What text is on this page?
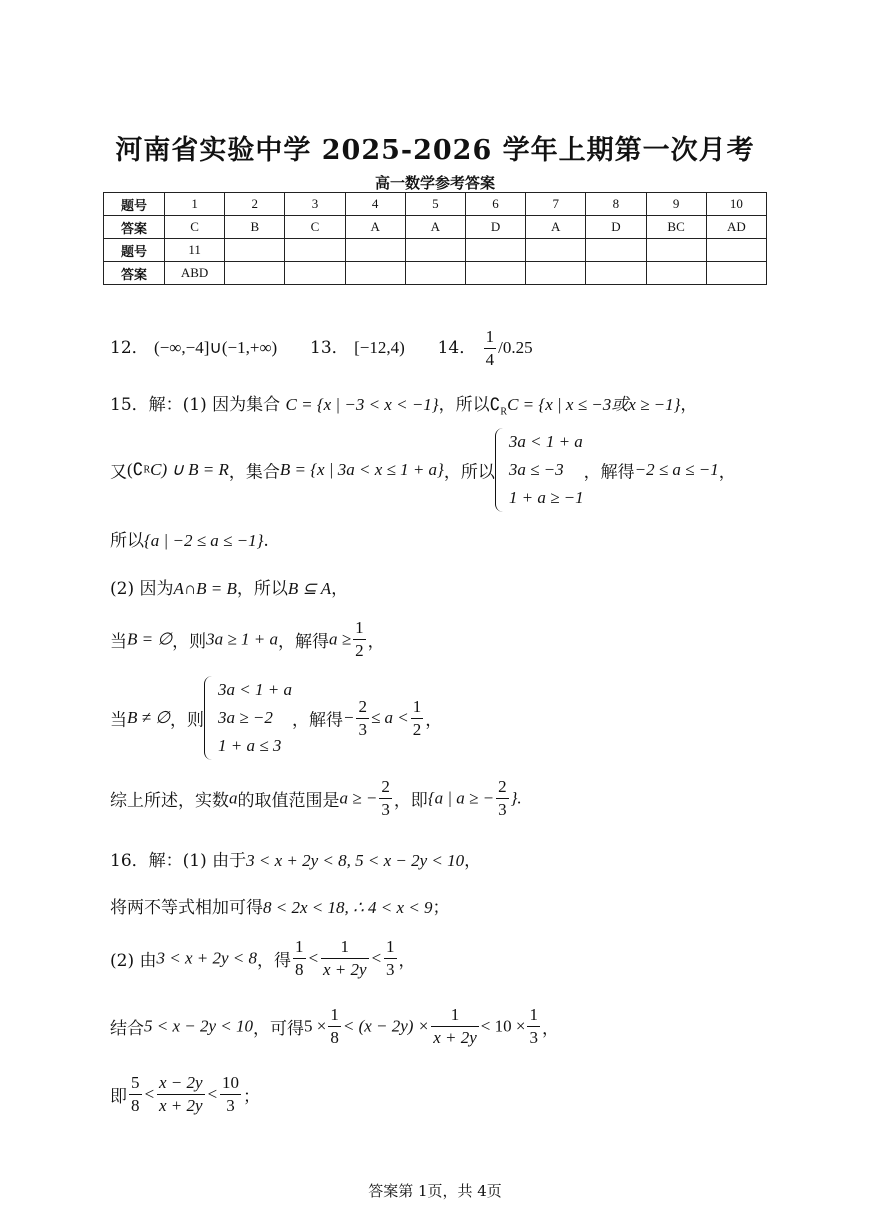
河南省实验中学 2025-2026 学年上期第一次月考
高一数学参考答案
题号	1	2	3	4	5	6	7	8	9	10
答案	C	B	C	A	A	D	A	D	BC	AD
题号	11									
答案	ABD									
12． (−∞,−4]∪(−1,+∞) 13． [−12,4) 14． $\frac{1}{4} /0.25$
15．解：(1) 因为集合 C = {x | −3 < x < −1}，所以$∁_RC = \{x$ | x ≤ −3或x ≥ −1}，
又(∁RC) ∪ B = R，集合B = {x | 3a < x ≤ 1 + a}，所以
3a < 1 + a
3a ≤ −3
1 + a ≥ −1
，解得−2 ≤ a ≤ −1，
所以{a | −2 ≤ a ≤ −1}.
(2) 因为A∩B = B，所以B ⊆ A，
当B = ∅，则3a ≥ 1 + a，解得$a \ge \frac{1}{2}$ ，
当B ≠ ∅，则
3a < 1 + a
3a ≥ −2
1 + a ≤ 3
，解得− $\frac{2}{3} \le a < \frac{1}{2}$ ，
综上所述，实数a的取值范围是a ≥ − $\frac{2}{3}$ ，即{a | a ≥ − $\frac{2}{3}$ }.
16．解：(1) 由于3 < x + 2y < 8, 5 < x − 2y < 10，
将两不等式相加可得8 < 2x < 18, ∴ 4 < x < 9；
(2) 由3 < x + 2y < 8，得 $\frac{1}{8} < \frac{1}{x + 2y} < \frac{1}{3}$ ，
结合5 < x − 2y < 10，可得$5 \times \frac{1}{8} < (x - 2y) \times \frac{1}{x + 2y} < 10 \times \frac{1}{3}$ ，
即 $\frac{5}{8} < \frac{x - 2y}{x + 2y} < \frac{10}{3}$ ；
答案第 1页，共 4页
